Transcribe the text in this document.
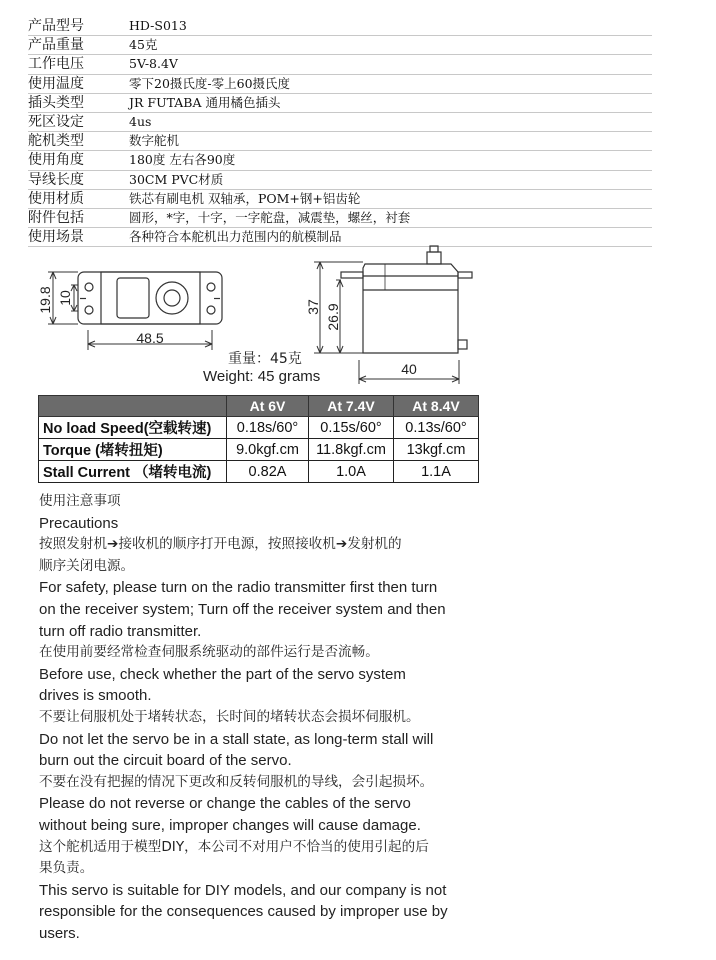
产品型号	HD-S013
产品重量	45克
工作电压	5V-8.4V
使用温度	零下20摄氏度-零上60摄氏度
插头类型	JR FUTABA 通用橘色插头
死区设定	4us
舵机类型	数字舵机
使用角度	180度 左右各90度
导线长度	30CM PVC材质
使用材质	铁芯有刷电机 双轴承，POM+钢+铝齿轮
附件包括	圆形，*字，十字，一字舵盘，减震垫，螺丝，衬套
使用场景	各种符合本舵机出力范围内的航模制品
19.8 10
48.5
37 26.9
40
重量：45克
Weight: 45 grams
	At 6V	At 7.4V	At 8.4V
No load Speed(空载转速)	0.18s/60°	0.15s/60°	0.13s/60°
Torque (堵转扭矩)	9.0kgf.cm	11.8kgf.cm	13kgf.cm
Stall Current （堵转电流)	0.82A	1.0A	1.1A
使用注意事项
Precautions
按照发射机➔接收机的顺序打开电源，按照接收机➔发射机的
顺序关闭电源。
For safety, please turn on the radio transmitter first then turn
on the receiver system; Turn off the receiver system and then
turn off radio transmitter.
在使用前要经常检查伺服系统驱动的部件运行是否流畅。
Before use, check whether the part of the servo system
drives is smooth.
不要让伺服机处于堵转状态，长时间的堵转状态会损坏伺服机。
Do not let the servo be in a stall state, as long-term stall will
burn out the circuit board of the servo.
不要在没有把握的情况下更改和反转伺服机的导线，会引起损坏。
Please do not reverse or change the cables of the servo
without being sure, improper changes will cause damage.
这个舵机适用于模型DIY，本公司不对用户不恰当的使用引起的后
果负责。
This servo is suitable for DIY models, and our company is not
responsible for the consequences caused by improper use by
users.
